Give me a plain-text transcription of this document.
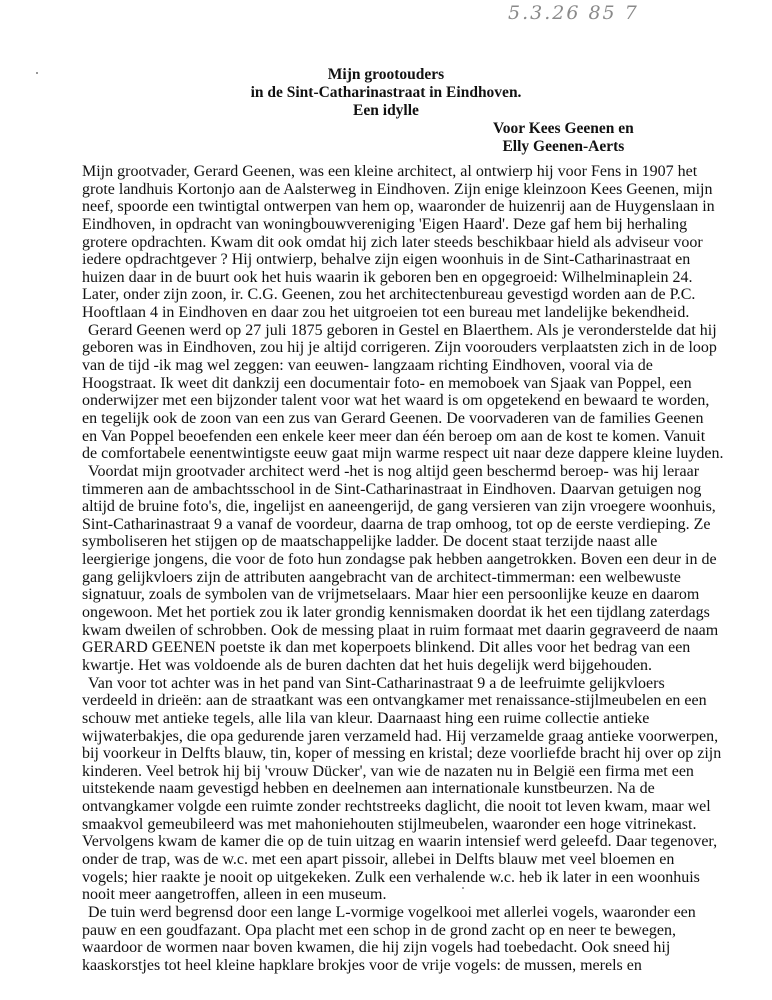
5.3.26 85 7
Mijn grootouders
in de Sint-Catharinastraat in Eindhoven.
Een idylle
Voor Kees Geenen en
Elly Geenen-Aerts
Mijn grootvader, Gerard Geenen, was een kleine architect, al ontwierp hij voor Fens in 1907 het
grote landhuis Kortonjo aan de Aalsterweg in Eindhoven. Zijn enige kleinzoon Kees Geenen, mijn
neef, spoorde een twintigtal ontwerpen van hem op, waaronder de huizenrij aan de Huygenslaan in
Eindhoven, in opdracht van woningbouwvereniging 'Eigen Haard'. Deze gaf hem bij herhaling
grotere opdrachten. Kwam dit ook omdat hij zich later steeds beschikbaar hield als adviseur voor
iedere opdrachtgever ? Hij ontwierp, behalve zijn eigen woonhuis in de Sint-Catharinastraat en
huizen daar in de buurt ook het huis waarin ik geboren ben en opgegroeid: Wilhelminaplein 24.
Later, onder zijn zoon, ir. C.G. Geenen, zou het architectenbureau gevestigd worden aan de P.C.
Hooftlaan 4 in Eindhoven en daar zou het uitgroeien tot een bureau met landelijke bekendheid.
Gerard Geenen werd op 27 juli 1875 geboren in Gestel en Blaerthem. Als je veronderstelde dat hij
geboren was in Eindhoven, zou hij je altijd corrigeren. Zijn voorouders verplaatsten zich in de loop
van de tijd -ik mag wel zeggen: van eeuwen- langzaam richting Eindhoven, vooral via de
Hoogstraat. Ik weet dit dankzij een documentair foto- en memoboek van Sjaak van Poppel, een
onderwijzer met een bijzonder talent voor wat het waard is om opgetekend en bewaard te worden,
en tegelijk ook de zoon van een zus van Gerard Geenen. De voorvaderen van de families Geenen
en Van Poppel beoefenden een enkele keer meer dan één beroep om aan de kost te komen. Vanuit
de comfortabele eenentwintigste eeuw gaat mijn warme respect uit naar deze dappere kleine luyden.
Voordat mijn grootvader architect werd -het is nog altijd geen beschermd beroep- was hij leraar
timmeren aan de ambachtsschool in de Sint-Catharinastraat in Eindhoven. Daarvan getuigen nog
altijd de bruine foto's, die, ingelijst en aaneengerijd, de gang versieren van zijn vroegere woonhuis,
Sint-Catharinastraat 9 a vanaf de voordeur, daarna de trap omhoog, tot op de eerste verdieping. Ze
symboliseren het stijgen op de maatschappelijke ladder. De docent staat terzijde naast alle
leergierige jongens, die voor de foto hun zondagse pak hebben aangetrokken. Boven een deur in de
gang gelijkvloers zijn de attributen aangebracht van de architect-timmerman: een welbewuste
signatuur, zoals de symbolen van de vrijmetselaars. Maar hier een persoonlijke keuze en daarom
ongewoon. Met het portiek zou ik later grondig kennismaken doordat ik het een tijdlang zaterdags
kwam dweilen of schrobben. Ook de messing plaat in ruim formaat met daarin gegraveerd de naam
GERARD GEENEN poetste ik dan met koperpoets blinkend. Dit alles voor het bedrag van een
kwartje. Het was voldoende als de buren dachten dat het huis degelijk werd bijgehouden.
Van voor tot achter was in het pand van Sint-Catharinastraat 9 a de leefruimte gelijkvloers
verdeeld in drieën: aan de straatkant was een ontvangkamer met renaissance-stijlmeubelen en een
schouw met antieke tegels, alle lila van kleur. Daarnaast hing een ruime collectie antieke
wijwaterbakjes, die opa gedurende jaren verzameld had. Hij verzamelde graag antieke voorwerpen,
bij voorkeur in Delfts blauw, tin, koper of messing en kristal; deze voorliefde bracht hij over op zijn
kinderen. Veel betrok hij bij 'vrouw Dücker', van wie de nazaten nu in België een firma met een
uitstekende naam gevestigd hebben en deelnemen aan internationale kunstbeurzen. Na de
ontvangkamer volgde een ruimte zonder rechtstreeks daglicht, die nooit tot leven kwam, maar wel
smaakvol gemeubileerd was met mahoniehouten stijlmeubelen, waaronder een hoge vitrinekast.
Vervolgens kwam de kamer die op de tuin uitzag en waarin intensief werd geleefd. Daar tegenover,
onder de trap, was de w.c. met een apart pissoir, allebei in Delfts blauw met veel bloemen en
vogels; hier raakte je nooit op uitgekeken. Zulk een verhalende w.c. heb ik later in een woonhuis
nooit meer aangetroffen, alleen in een museum.
De tuin werd begrensd door een lange L-vormige vogelkooi met allerlei vogels, waaronder een
pauw en een goudfazant. Opa placht met een schop in de grond zacht op en neer te bewegen,
waardoor de wormen naar boven kwamen, die hij zijn vogels had toebedacht. Ook sneed hij
kaaskorstjes tot heel kleine hapklare brokjes voor de vrije vogels: de mussen, merels en
